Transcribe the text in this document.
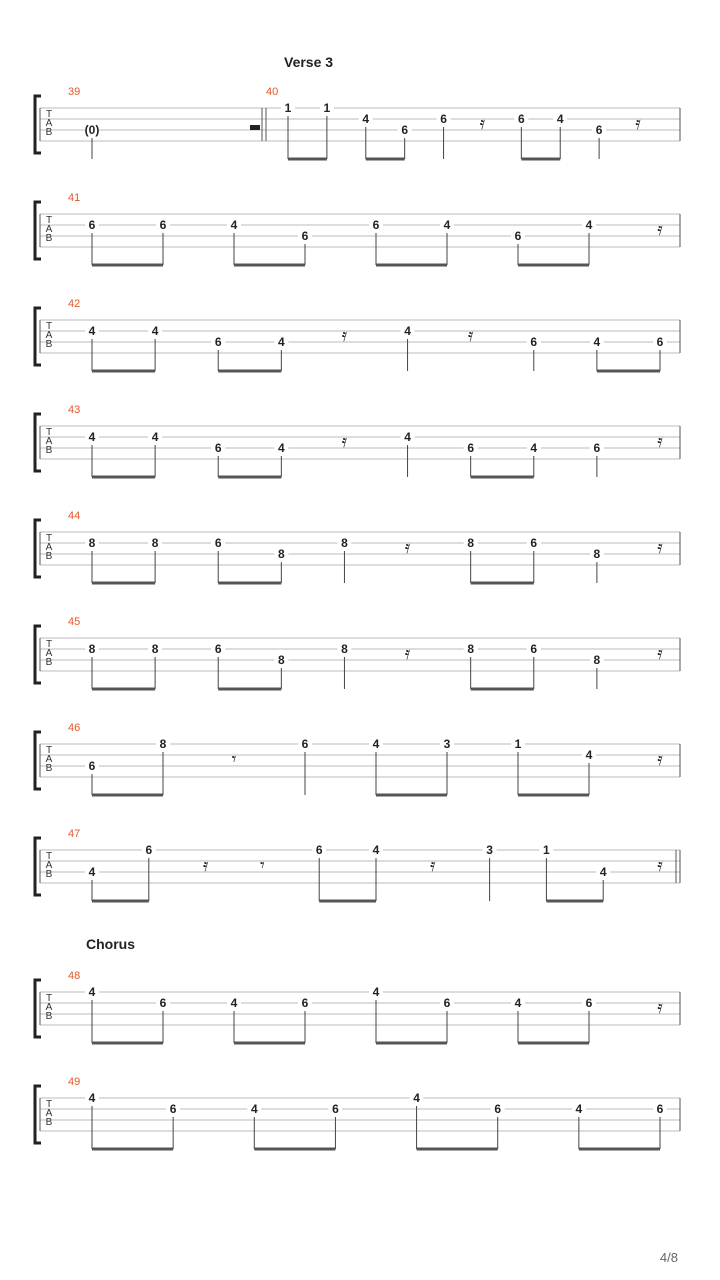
Verse 3
Chorus
T
A
B
39
(0)
40
1	1
4
6
6 𝄿	6	4
6 𝄿
T
A
B
41
6	6	4
6
6	4
6
4	𝄿
T
A
B
42
4	4
6	4	𝄿	4	𝄿	6	4	6
T
A
B
43
4	4
6	4	𝄿	4
6	4	6	𝄿
T
A
B
44
8	8	6
8
8	𝄿	8	6
8	𝄿
T
A
B
45
8	8	6
8
8	𝄿	8	6
8	𝄿
T
A
B
46
6
8
𝄾
6	4	3	1
4	𝄿
T
A
B
47
4
6
𝄿	𝄾
6	4
𝄿
3	1
4	𝄿
T
A
B
48
4
6	4	6
4
6	4	6	𝄿
T
A
B
49
4
6	4	6
4
6	4	6
4/8
